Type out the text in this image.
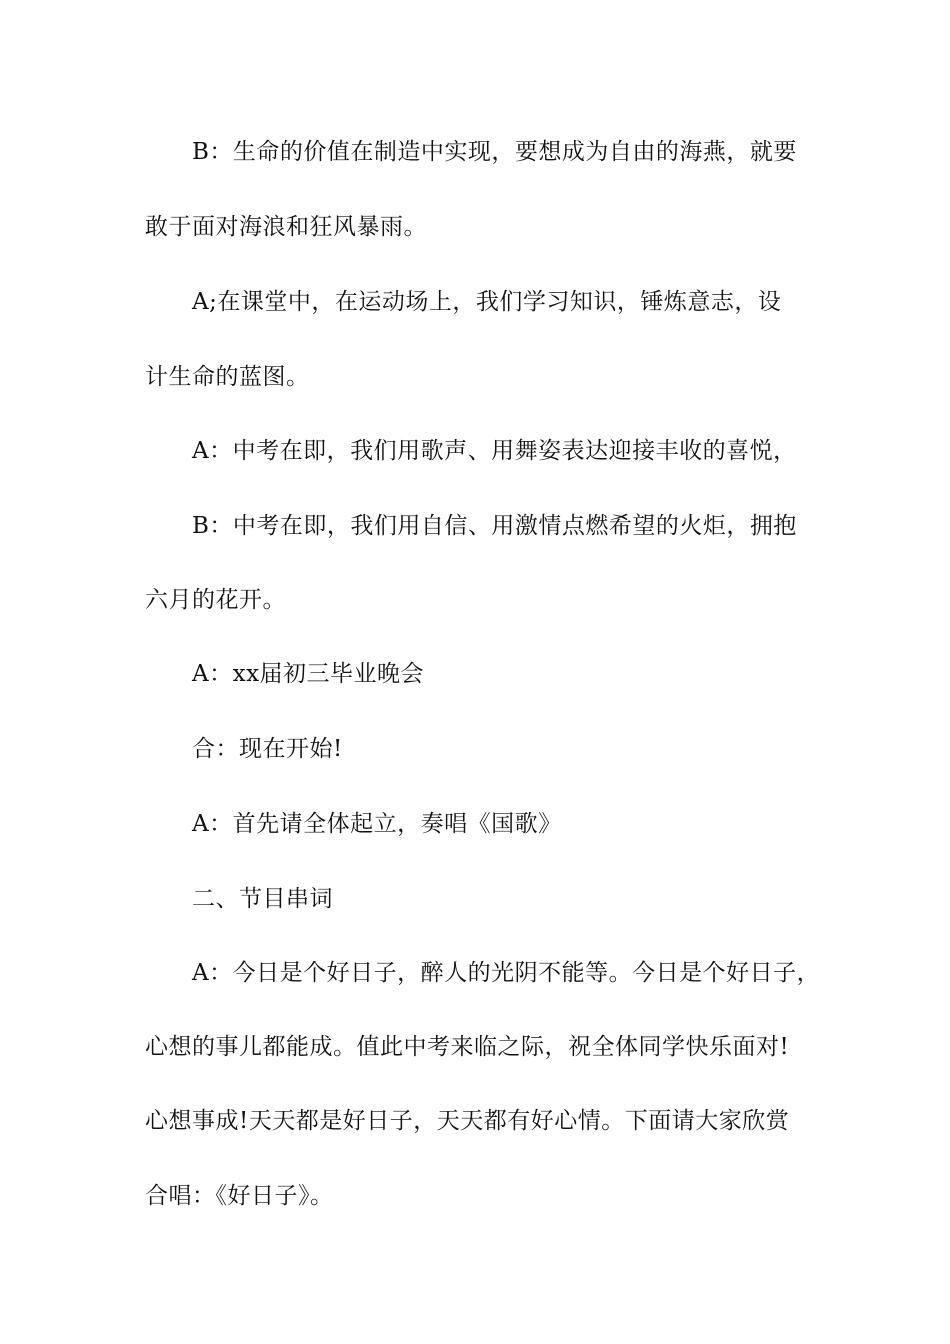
B：生命的价值在制造中实现，要想成为自由的海燕，就要
敢于面对海浪和狂风暴雨。
A;在课堂中，在运动场上，我们学习知识，锤炼意志，设
计生命的蓝图。
A：中考在即，我们用歌声、用舞姿表达迎接丰收的喜悦，
B：中考在即，我们用自信、用激情点燃希望的火炬，拥抱
六月的花开。
A：xx届初三毕业晚会
合：现在开始!
A：首先请全体起立，奏唱《国歌》
二、节目串词
A：今日是个好日子，醉人的光阴不能等。今日是个好日子，
心想的事儿都能成。值此中考来临之际，祝全体同学快乐面对!
心想事成!天天都是好日子，天天都有好心情。下面请大家欣赏
合唱：《好日子》。
